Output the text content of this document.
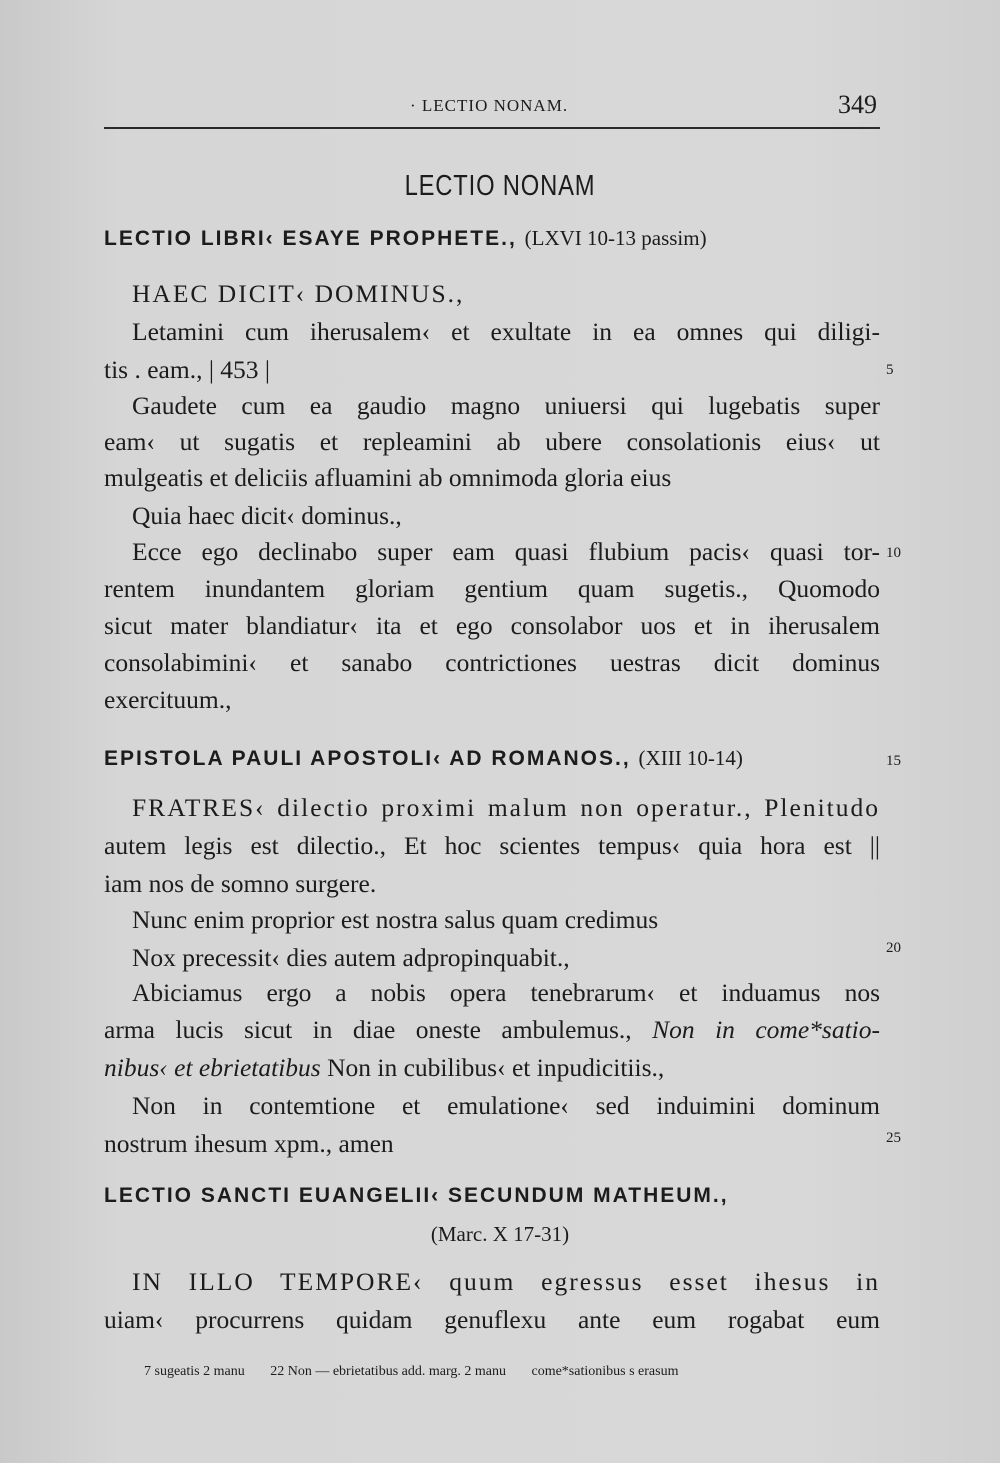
· LECTIO NONAM.	349
LECTIO NONAM
LECTIO LIBRI‹ ESAYE PROPHETE., (LXVI 10-13 passim)
HAEC DICIT‹ DOMINUS.,
Letamini cum iherusalem‹ et exultate in ea omnes qui diligi-
tis . eam., | 453 |
Gaudete cum ea gaudio magno uniuersi qui lugebatis super
eam‹ ut sugatis et repleamini ab ubere consolationis eius‹ ut
mulgeatis et deliciis afluamini ab omnimoda gloria eius
Quia haec dicit‹ dominus.,
Ecce ego declinabo super eam quasi flubium pacis‹ quasi tor-
rentem inundantem gloriam gentium quam sugetis., Quomodo
sicut mater blandiatur‹ ita et ego consolabor uos et in iherusalem
consolabimini‹ et sanabo contrictiones uestras dicit dominus
exercituum.,
EPISTOLA PAULI APOSTOLI‹ AD ROMANOS., (XIII 10-14)
FRATRES‹ dilectio proximi malum non operatur., Plenitudo
autem legis est dilectio., Et hoc scientes tempus‹ quia hora est ||
iam nos de somno surgere.
Nunc enim proprior est nostra salus quam credimus
Nox precessit‹ dies autem adpropinquabit.,
Abiciamus ergo a nobis opera tenebrarum‹ et induamus nos
arma lucis sicut in diae oneste ambulemus., Non in come*satio-
nibus‹ et ebrietatibus Non in cubilibus‹ et inpudicitiis.,
Non in contemtione et emulatione‹ sed induimini dominum
nostrum ihesum xpm., amen
LECTIO SANCTI EUANGELII‹ SECUNDUM MATHEUM.,
(Marc. X 17-31)
IN ILLO TEMPORE‹ quum egressus esset ihesus in
uiam‹ procurrens quidam genuflexu ante eum rogabat eum
5
10
15
20
25
7 sugeatis 2 manu 22 Non — ebrietatibus add. marg. 2 manu come*sationibus s erasum
